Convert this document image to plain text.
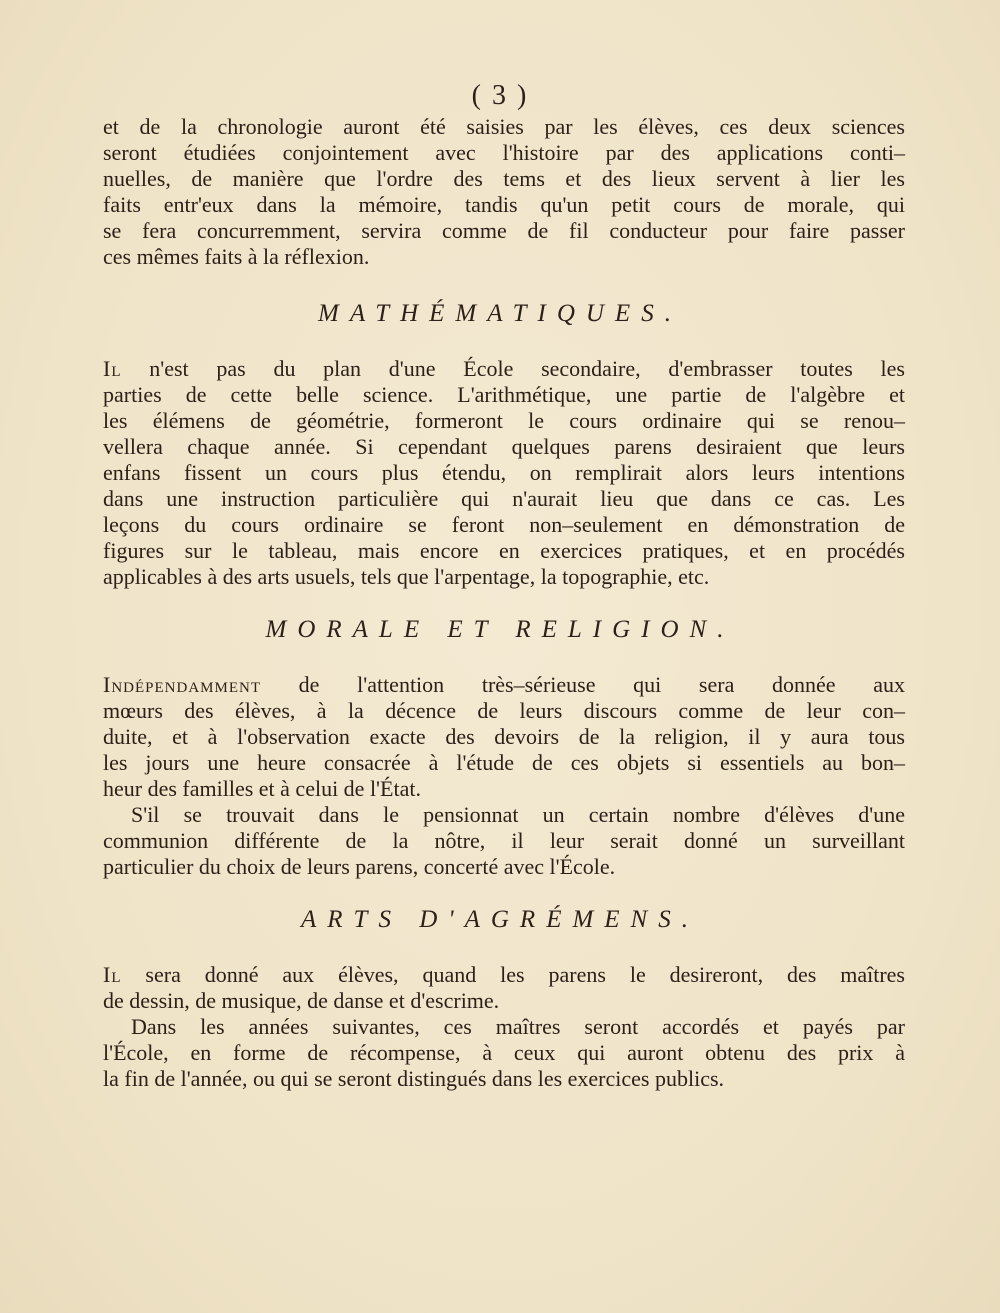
( 3 )
et de la chronologie auront été saisies par les élèves, ces deux sciences
seront étudiées conjointement avec l'histoire par des applications conti–
nuelles, de manière que l'ordre des tems et des lieux servent à lier les
faits entr'eux dans la mémoire, tandis qu'un petit cours de morale, qui
se fera concurremment, servira comme de fil conducteur pour faire passer
ces mêmes faits à la réflexion.
MATHÉMATIQUES.
Il n'est pas du plan d'une École secondaire, d'embrasser toutes les
parties de cette belle science. L'arithmétique, une partie de l'algèbre et
les élémens de géométrie, formeront le cours ordinaire qui se renou–
vellera chaque année. Si cependant quelques parens desiraient que leurs
enfans fissent un cours plus étendu, on remplirait alors leurs intentions
dans une instruction particulière qui n'aurait lieu que dans ce cas. Les
leçons du cours ordinaire se feront non–seulement en démonstration de
figures sur le tableau, mais encore en exercices pratiques, et en procédés
applicables à des arts usuels, tels que l'arpentage, la topographie, etc.
MORALE ET RELIGION.
Indépendamment de l'attention très–sérieuse qui sera donnée aux
mœurs des élèves, à la décence de leurs discours comme de leur con–
duite, et à l'observation exacte des devoirs de la religion, il y aura tous
les jours une heure consacrée à l'étude de ces objets si essentiels au bon–
heur des familles et à celui de l'État.
S'il se trouvait dans le pensionnat un certain nombre d'élèves d'une
communion différente de la nôtre, il leur serait donné un surveillant
particulier du choix de leurs parens, concerté avec l'École.
ARTS D'AGRÉMENS.
Il sera donné aux élèves, quand les parens le desireront, des maîtres
de dessin, de musique, de danse et d'escrime.
Dans les années suivantes, ces maîtres seront accordés et payés par
l'École, en forme de récompense, à ceux qui auront obtenu des prix à
la fin de l'année, ou qui se seront distingués dans les exercices publics.
